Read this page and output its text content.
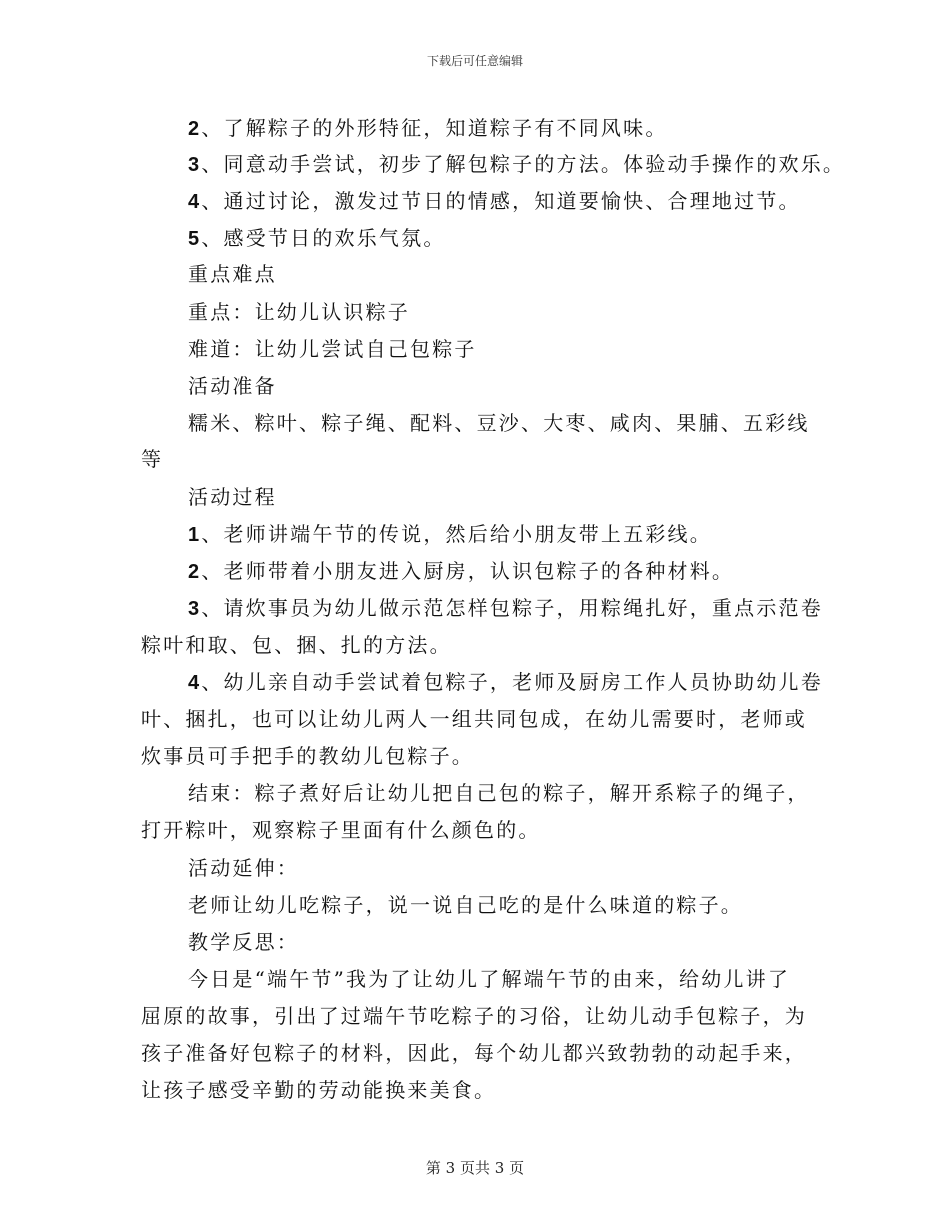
下载后可任意编辑
2、了解粽子的外形特征，知道粽子有不同风味。
3、同意动手尝试，初步了解包粽子的方法。体验动手操作的欢乐。
4、通过讨论，激发过节日的情感，知道要愉快、合理地过节。
5、感受节日的欢乐气氛。
重点难点
重点：让幼儿认识粽子
难道：让幼儿尝试自己包粽子
活动准备
糯米、粽叶、粽子绳、配料、豆沙、大枣、咸肉、果脯、五彩线
等
活动过程
1、老师讲端午节的传说，然后给小朋友带上五彩线。
2、老师带着小朋友进入厨房，认识包粽子的各种材料。
3、请炊事员为幼儿做示范怎样包粽子，用粽绳扎好，重点示范卷
粽叶和取、包、捆、扎的方法。
4、幼儿亲自动手尝试着包粽子，老师及厨房工作人员协助幼儿卷
叶、捆扎，也可以让幼儿两人一组共同包成，在幼儿需要时，老师或
炊事员可手把手的教幼儿包粽子。
结束：粽子煮好后让幼儿把自己包的粽子，解开系粽子的绳子，
打开粽叶，观察粽子里面有什么颜色的。
活动延伸：
老师让幼儿吃粽子，说一说自己吃的是什么味道的粽子。
教学反思：
今日是“端午节”我为了让幼儿了解端午节的由来，给幼儿讲了
屈原的故事，引出了过端午节吃粽子的习俗，让幼儿动手包粽子，为
孩子准备好包粽子的材料，因此，每个幼儿都兴致勃勃的动起手来，
让孩子感受辛勤的劳动能换来美食。
第 3 页共 3 页
